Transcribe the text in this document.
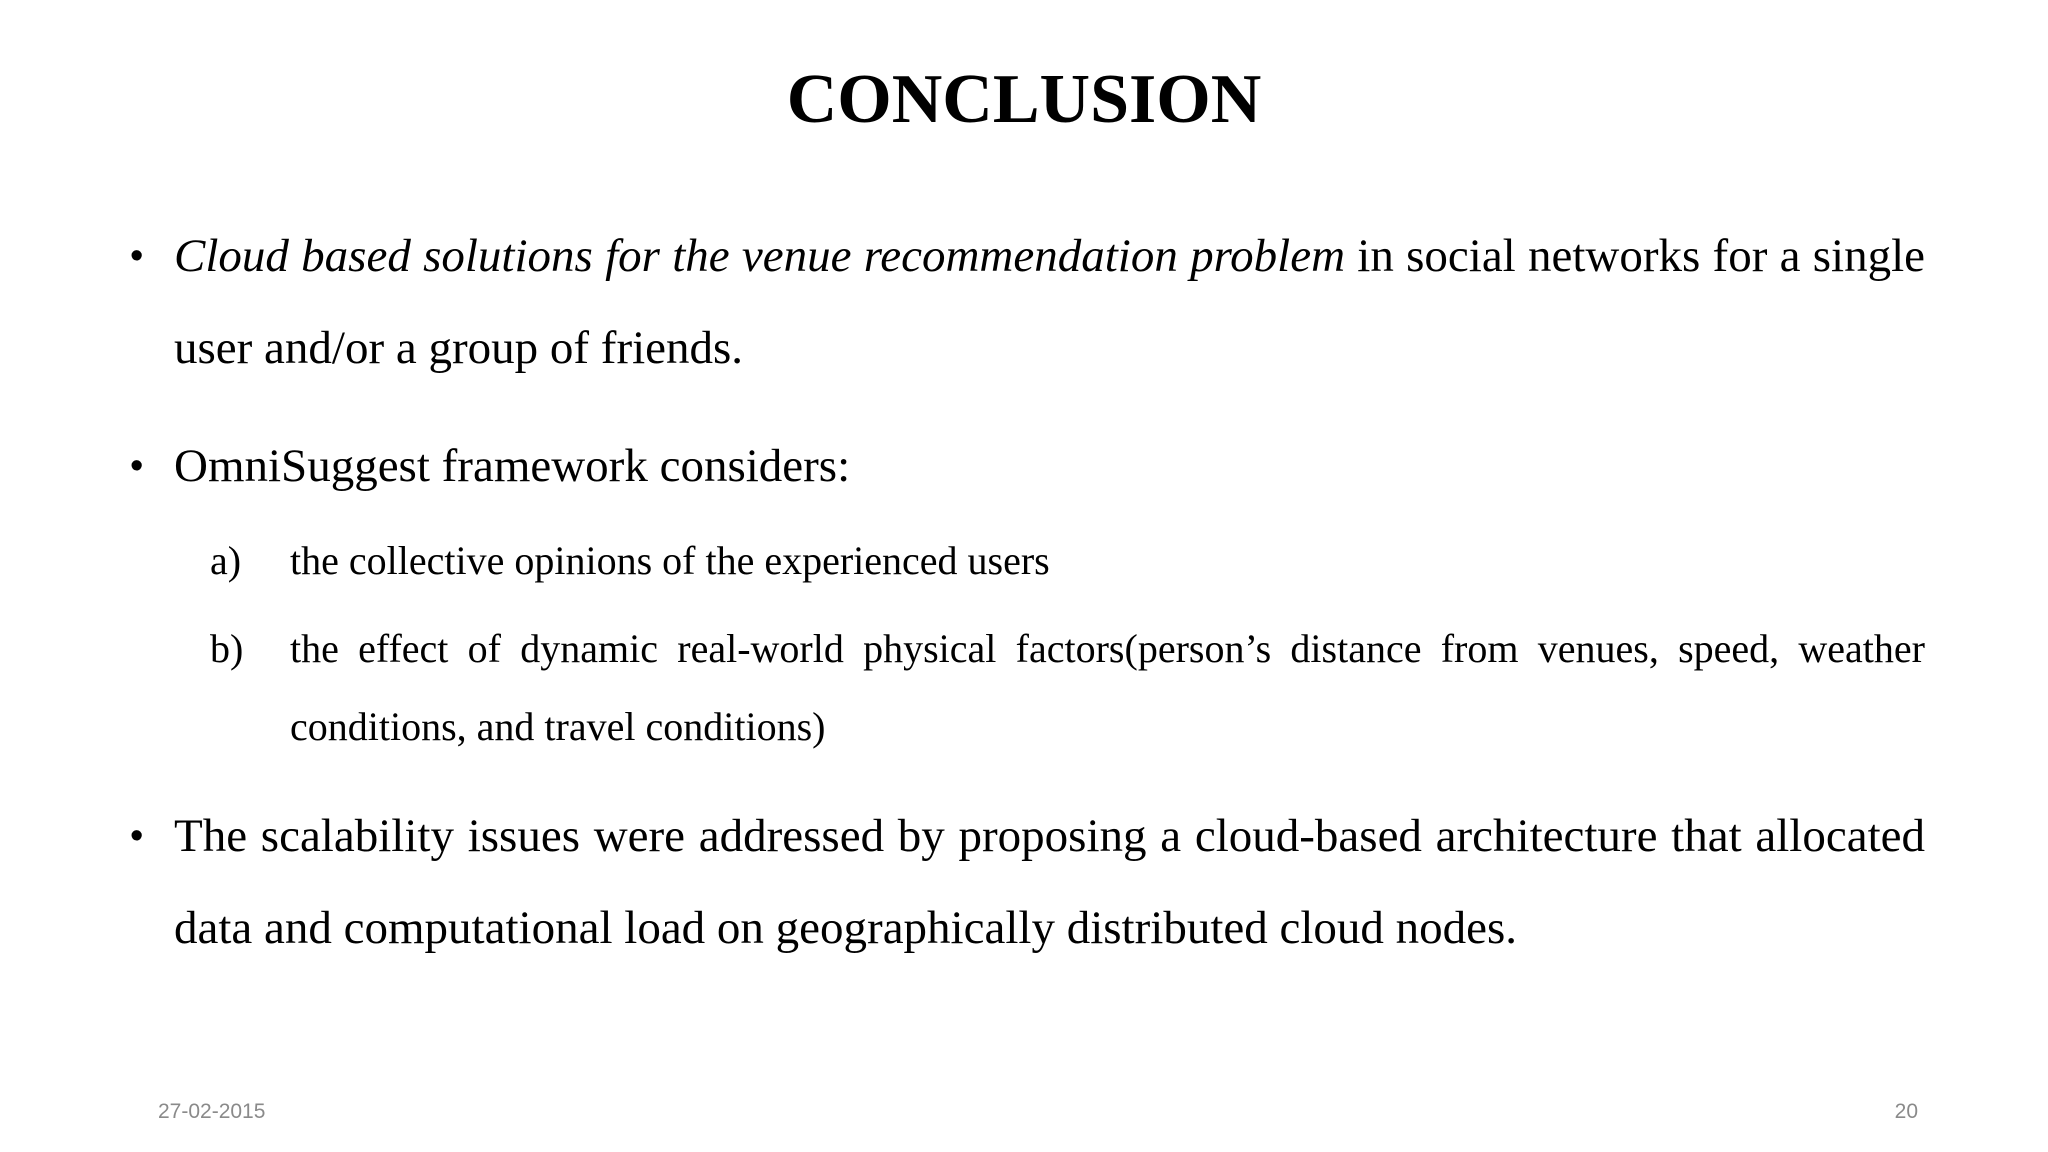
CONCLUSION
• Cloud based solutions for the venue recommendation problem in social networks for a single user and/or a group of friends.
• OmniSuggest framework considers:
a)	the collective opinions of the experienced users
b)	the effect of dynamic real-world physical factors(person’s distance from venues, speed, weather conditions, and travel conditions)
• The scalability issues were addressed by proposing a cloud-based architecture that allocated data and computational load on geographically distributed cloud nodes.
27-02-2015	20
